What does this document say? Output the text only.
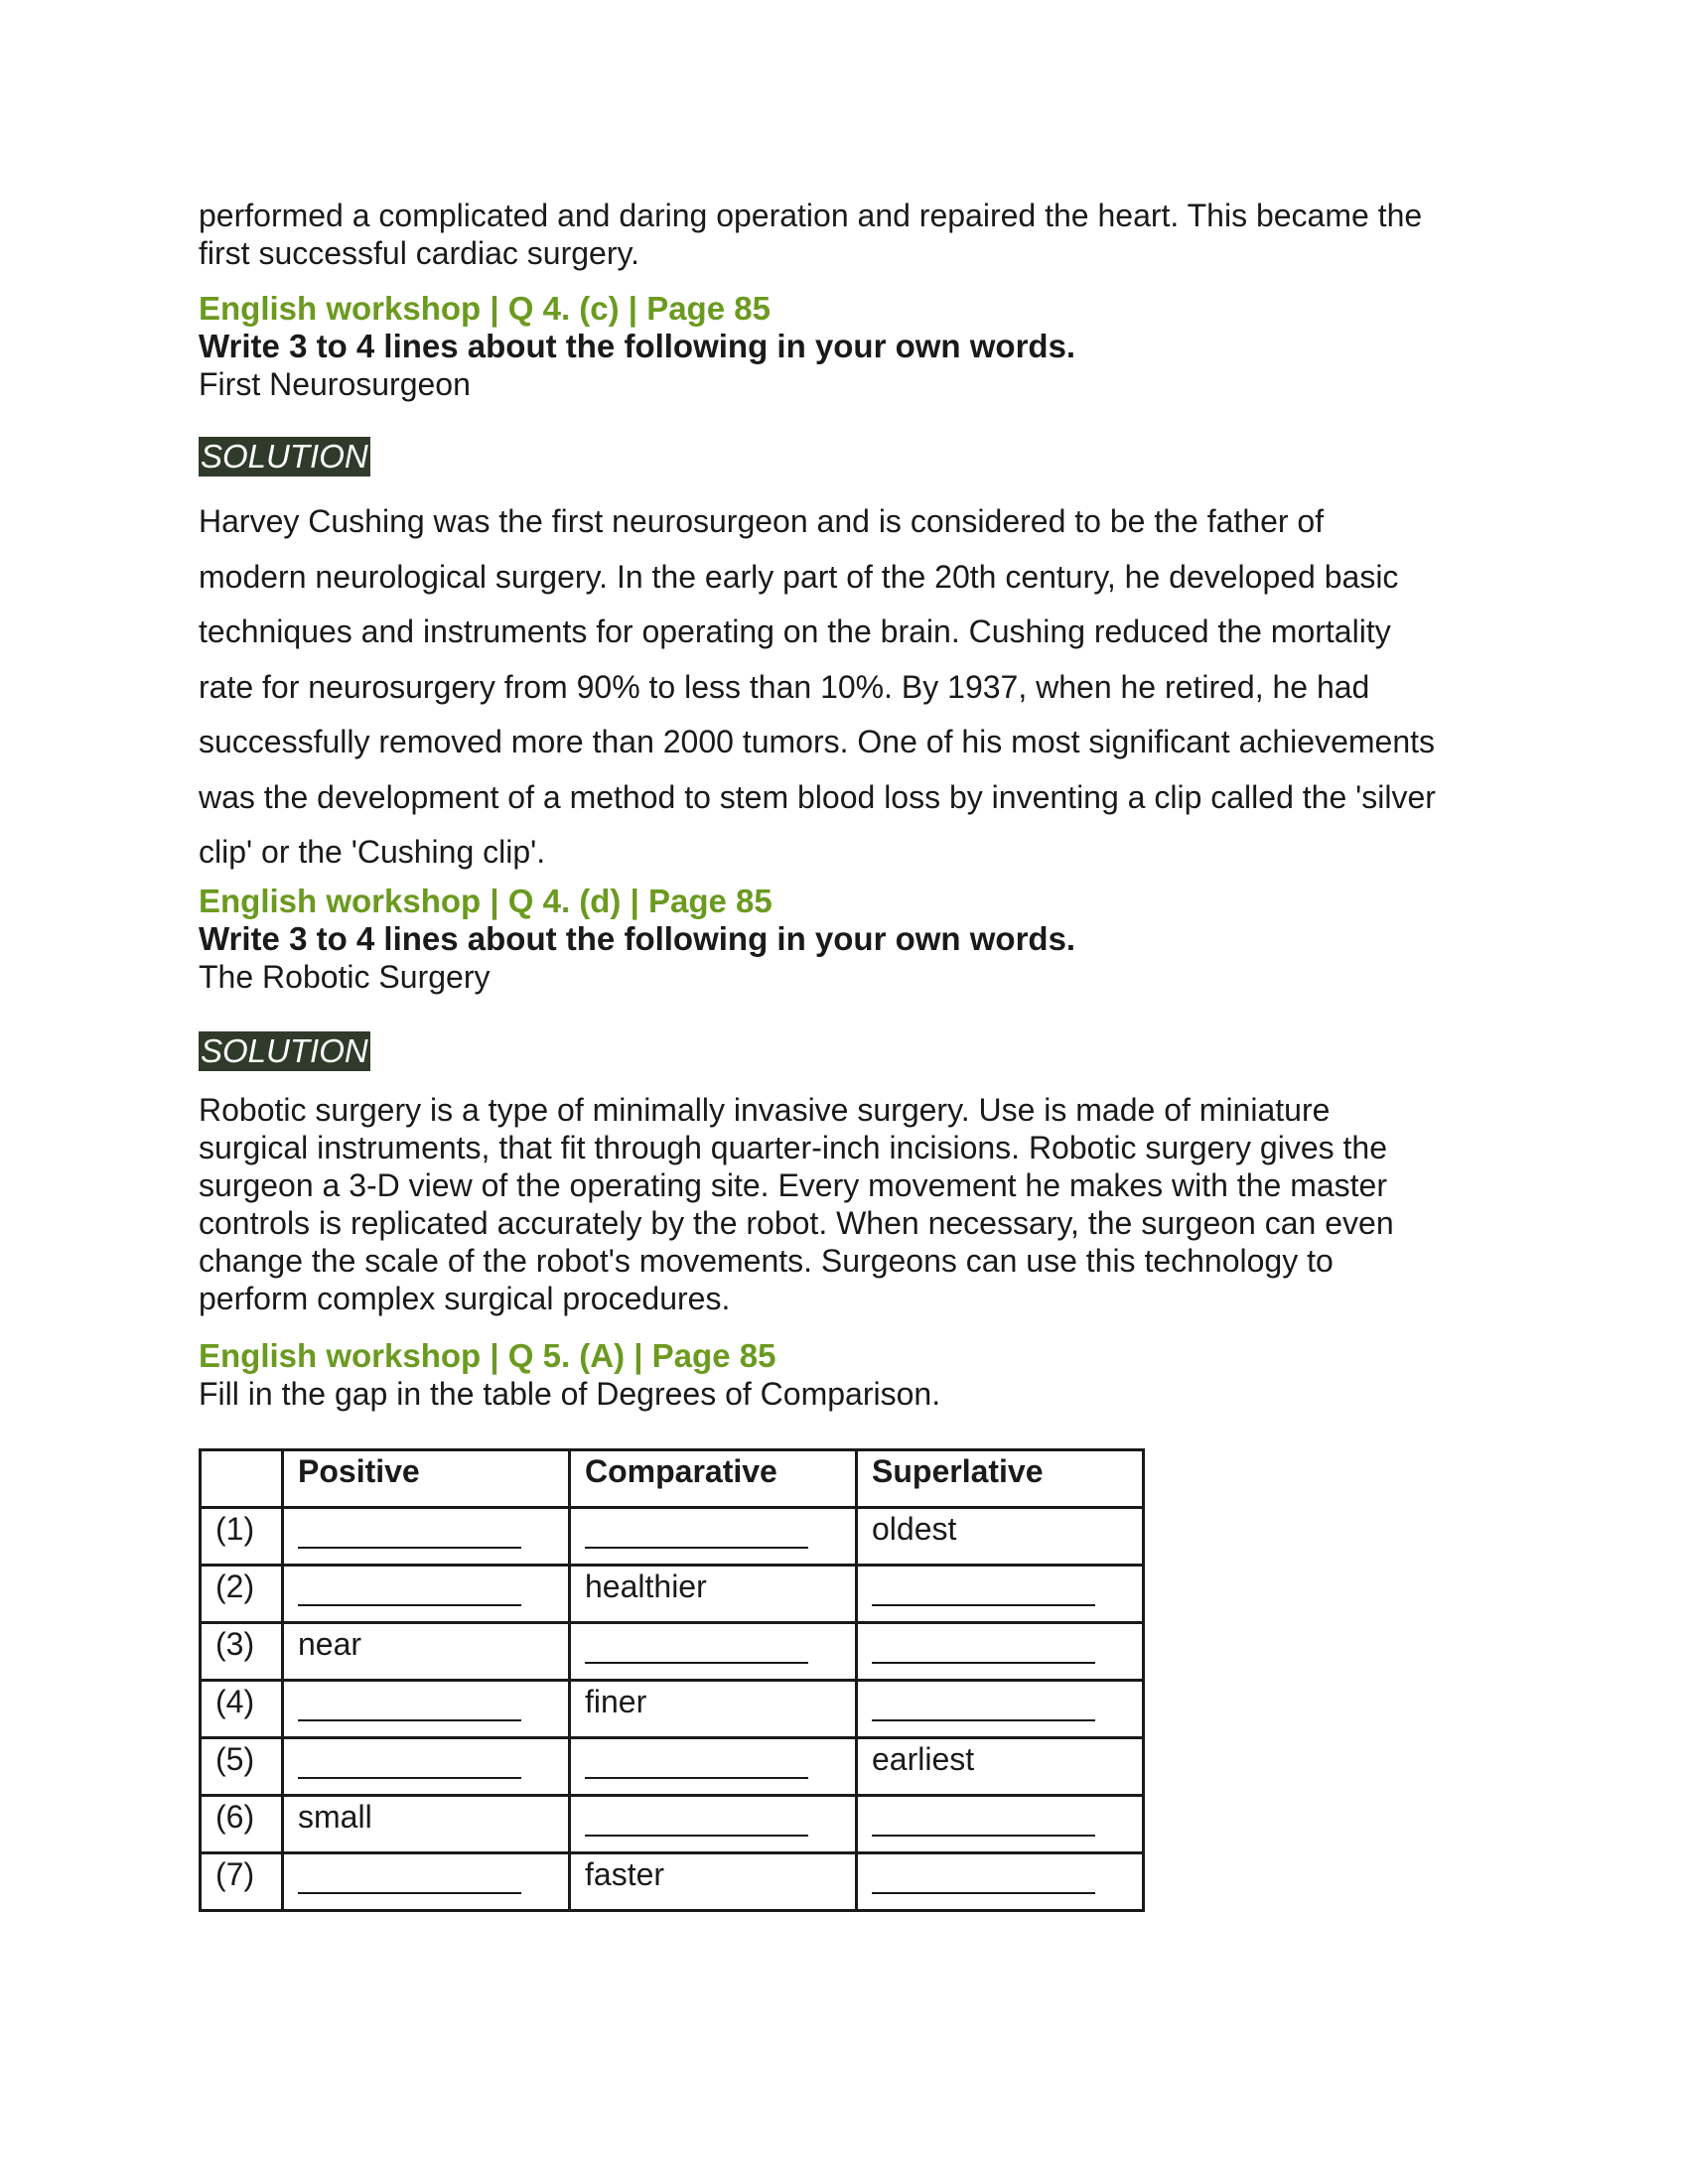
performed a complicated and daring operation and repaired the heart. This became the

first successful cardiac surgery.

English workshop | Q 4. (c) | Page 85

Write 3 to 4 lines about the following in your own words.

First Neurosurgeon

SOLUTION

Harvey Cushing was the first neurosurgeon and is considered to be the father of

modern neurological surgery. In the early part of the 20th century, he developed basic

techniques and instruments for operating on the brain. Cushing reduced the mortality

rate for neurosurgery from 90% to less than 10%. By 1937, when he retired, he had

successfully removed more than 2000 tumors. One of his most significant achievements

was the development of a method to stem blood loss by inventing a clip called the 'silver

clip' or the 'Cushing clip'.

English workshop | Q 4. (d) | Page 85

Write 3 to 4 lines about the following in your own words.

The Robotic Surgery

SOLUTION

Robotic surgery is a type of minimally invasive surgery. Use is made of miniature

surgical instruments, that fit through quarter-inch incisions. Robotic surgery gives the

surgeon a 3-D view of the operating site. Every movement he makes with the master

controls is replicated accurately by the robot. When necessary, the surgeon can even

change the scale of the robot's movements. Surgeons can use this technology to

perform complex surgical procedures.

English workshop | Q 5. (A) | Page 85

Fill in the gap in the table of Degrees of Comparison.

	Positive	Comparative	Superlative
(1)			oldest
(2)		healthier	
(3)	near		
(4)		finer	
(5)			earliest
(6)	small		
(7)		faster	
